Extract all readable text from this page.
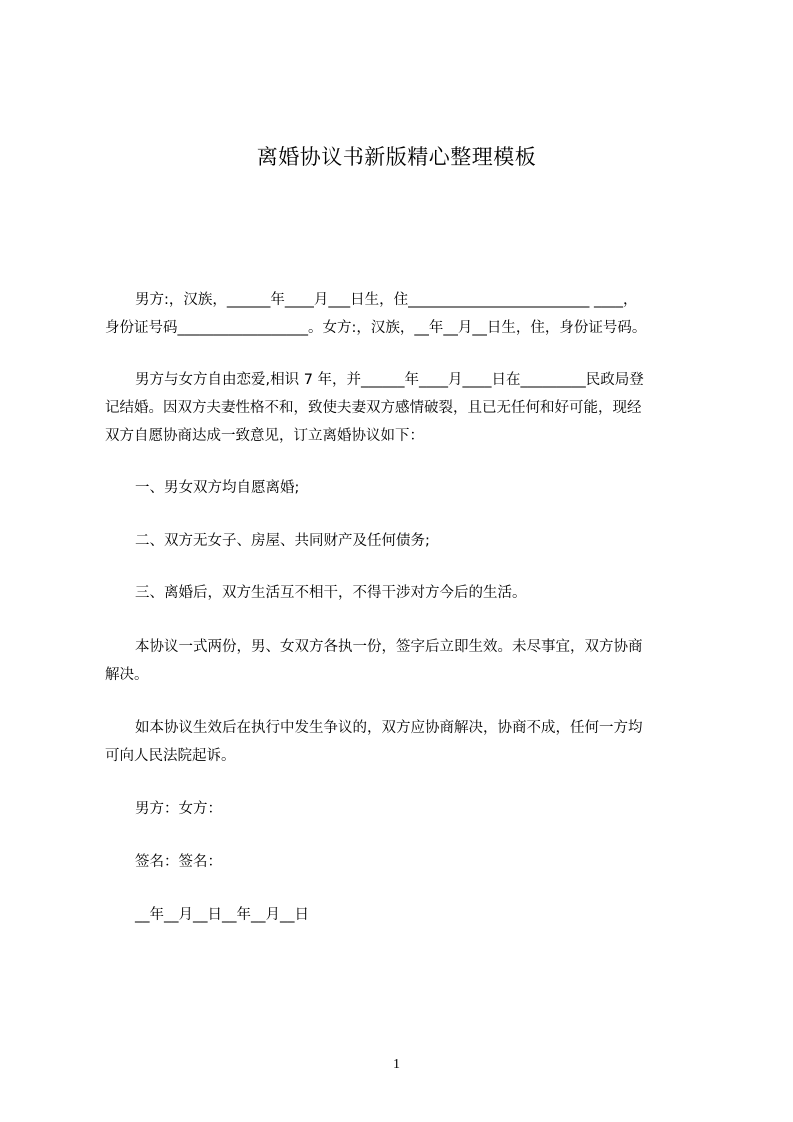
离婚协议书新版精心整理模板
男方:，汉族，______年____月___日生，住_________________________ ____，
身份证号码__________________。女方:，汉族，__年__月__日生，住，身份证号码。
男方与女方自由恋爱,相识 7 年，并______年____月____日在_________民政局登
记结婚。因双方夫妻性格不和，致使夫妻双方感情破裂，且已无任何和好可能，现经
双方自愿协商达成一致意见，订立离婚协议如下：
一、男女双方均自愿离婚;
二、双方无女子、房屋、共同财产及任何债务;
三、离婚后，双方生活互不相干，不得干涉对方今后的生活。
本协议一式两份，男、女双方各执一份，签字后立即生效。未尽事宜，双方协商
解决。
如本协议生效后在执行中发生争议的，双方应协商解决，协商不成，任何一方均
可向人民法院起诉。
男方：女方：
签名：签名：
__年__月__日__年__月__日
1
